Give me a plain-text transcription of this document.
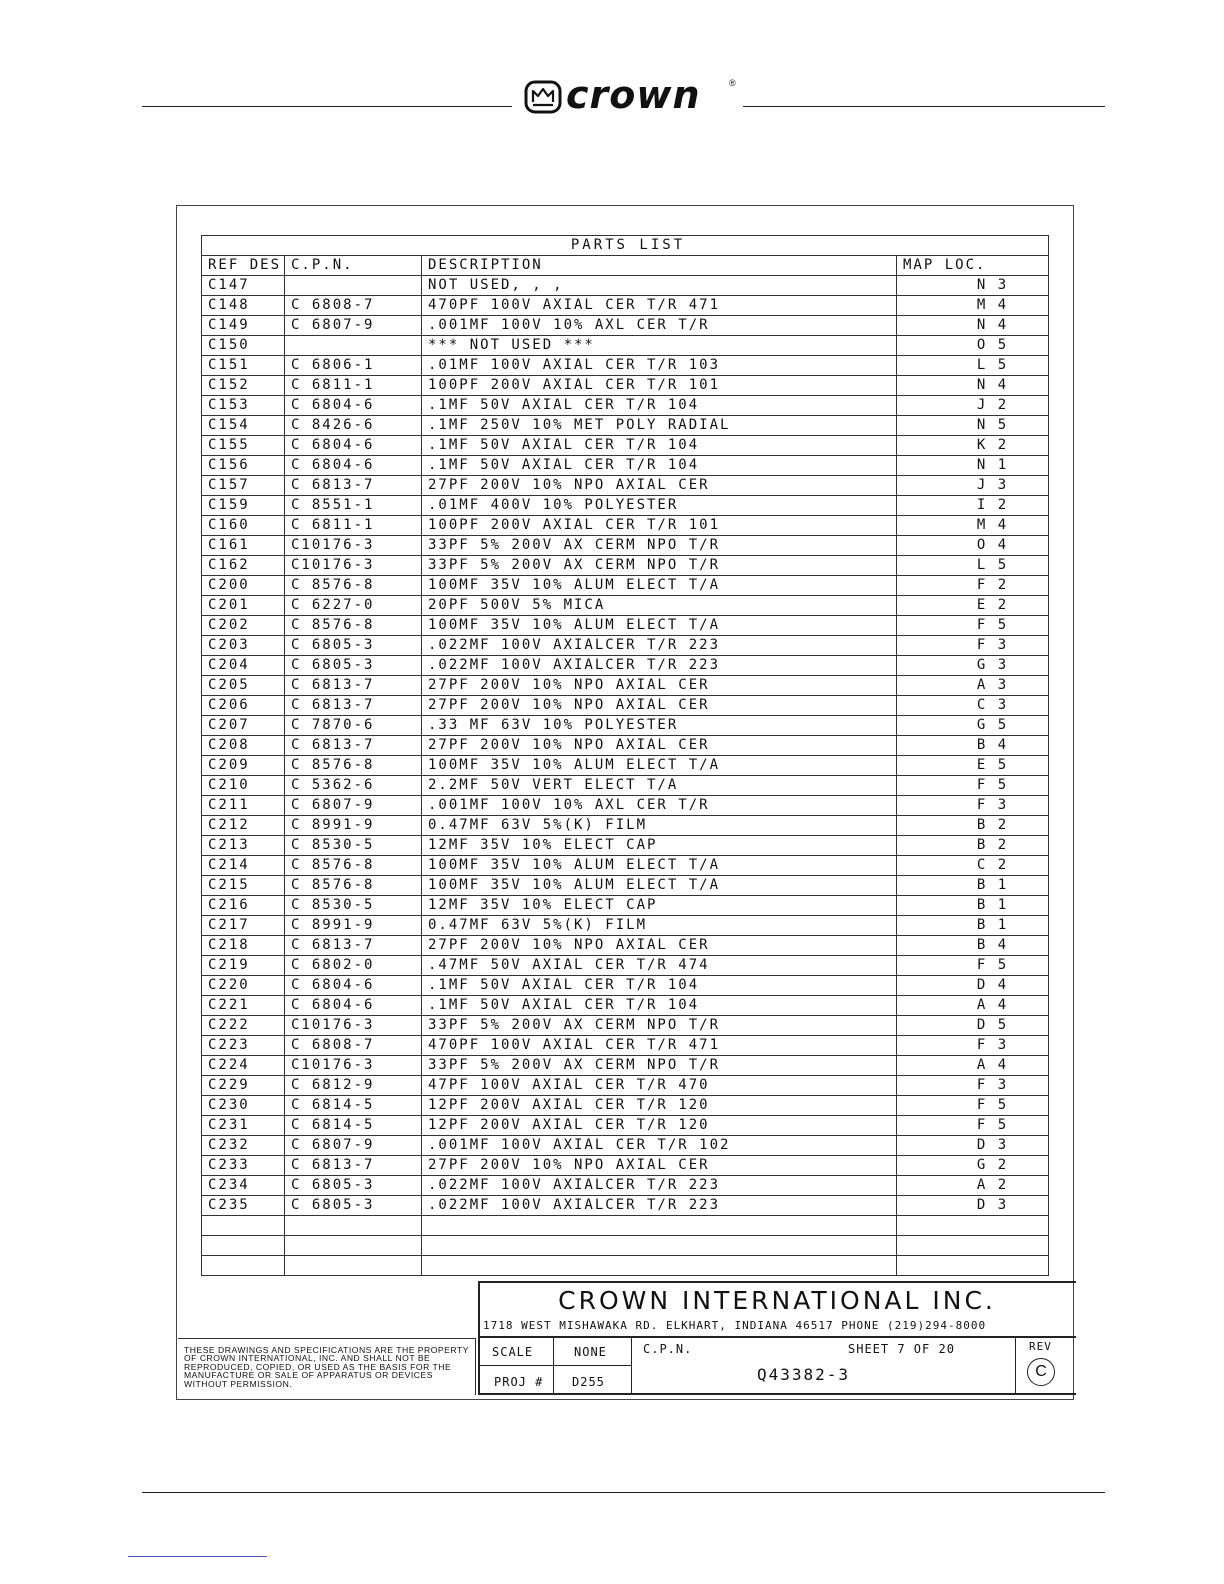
crown	®
PARTS LIST			
REF DES	C.P.N.	DESCRIPTION	MAP LOC.
C147		NOT USED, , ,	N 3
C148	C 6808-7	470PF 100V AXIAL CER T/R 471	M 4
C149	C 6807-9	.001MF 100V 10% AXL CER T/R	N 4
C150		*** NOT USED ***	O 5
C151	C 6806-1	.01MF 100V AXIAL CER T/R 103	L 5
C152	C 6811-1	100PF 200V AXIAL CER T/R 101	N 4
C153	C 6804-6	.1MF 50V AXIAL CER T/R 104	J 2
C154	C 8426-6	.1MF 250V 10% MET POLY RADIAL	N 5
C155	C 6804-6	.1MF 50V AXIAL CER T/R 104	K 2
C156	C 6804-6	.1MF 50V AXIAL CER T/R 104	N 1
C157	C 6813-7	27PF 200V 10% NPO AXIAL CER	J 3
C159	C 8551-1	.01MF 400V 10% POLYESTER	I 2
C160	C 6811-1	100PF 200V AXIAL CER T/R 101	M 4
C161	C10176-3	33PF 5% 200V AX CERM NPO T/R	O 4
C162	C10176-3	33PF 5% 200V AX CERM NPO T/R	L 5
C200	C 8576-8	100MF 35V 10% ALUM ELECT T/A	F 2
C201	C 6227-0	20PF 500V 5% MICA	E 2
C202	C 8576-8	100MF 35V 10% ALUM ELECT T/A	F 5
C203	C 6805-3	.022MF 100V AXIALCER T/R 223	F 3
C204	C 6805-3	.022MF 100V AXIALCER T/R 223	G 3
C205	C 6813-7	27PF 200V 10% NPO AXIAL CER	A 3
C206	C 6813-7	27PF 200V 10% NPO AXIAL CER	C 3
C207	C 7870-6	.33 MF 63V 10% POLYESTER	G 5
C208	C 6813-7	27PF 200V 10% NPO AXIAL CER	B 4
C209	C 8576-8	100MF 35V 10% ALUM ELECT T/A	E 5
C210	C 5362-6	2.2MF 50V VERT ELECT T/A	F 5
C211	C 6807-9	.001MF 100V 10% AXL CER T/R	F 3
C212	C 8991-9	0.47MF 63V 5%(K) FILM	B 2
C213	C 8530-5	12MF 35V 10% ELECT CAP	B 2
C214	C 8576-8	100MF 35V 10% ALUM ELECT T/A	C 2
C215	C 8576-8	100MF 35V 10% ALUM ELECT T/A	B 1
C216	C 8530-5	12MF 35V 10% ELECT CAP	B 1
C217	C 8991-9	0.47MF 63V 5%(K) FILM	B 1
C218	C 6813-7	27PF 200V 10% NPO AXIAL CER	B 4
C219	C 6802-0	.47MF 50V AXIAL CER T/R 474	F 5
C220	C 6804-6	.1MF 50V AXIAL CER T/R 104	D 4
C221	C 6804-6	.1MF 50V AXIAL CER T/R 104	A 4
C222	C10176-3	33PF 5% 200V AX CERM NPO T/R	D 5
C223	C 6808-7	470PF 100V AXIAL CER T/R 471	F 3
C224	C10176-3	33PF 5% 200V AX CERM NPO T/R	A 4
C229	C 6812-9	47PF 100V AXIAL CER T/R 470	F 3
C230	C 6814-5	12PF 200V AXIAL CER T/R 120	F 5
C231	C 6814-5	12PF 200V AXIAL CER T/R 120	F 5
C232	C 6807-9	.001MF 100V AXIAL CER T/R 102	D 3
C233	C 6813-7	27PF 200V 10% NPO AXIAL CER	G 2
C234	C 6805-3	.022MF 100V AXIALCER T/R 223	A 2
C235	C 6805-3	.022MF 100V AXIALCER T/R 223	D 3

CROWN INTERNATIONAL INC.
1718 WEST MISHAWAKA RD. ELKHART, INDIANA 46517 PHONE (219)294-8000
THESE DRAWINGS AND SPECIFICATIONS ARE THE PROPERTY OF CROWN INTERNATIONAL, INC. AND SHALL NOT BE REPRODUCED, COPIED, OR USED AS THE BASIS FOR THE MANUFACTURE OR SALE OF APPARATUS OR DEVICES WITHOUT PERMISSION.
SCALE	NONE
PROJ # D255
C.P.N.	SHEET 7 OF 20
Q43382-3
REV
C
